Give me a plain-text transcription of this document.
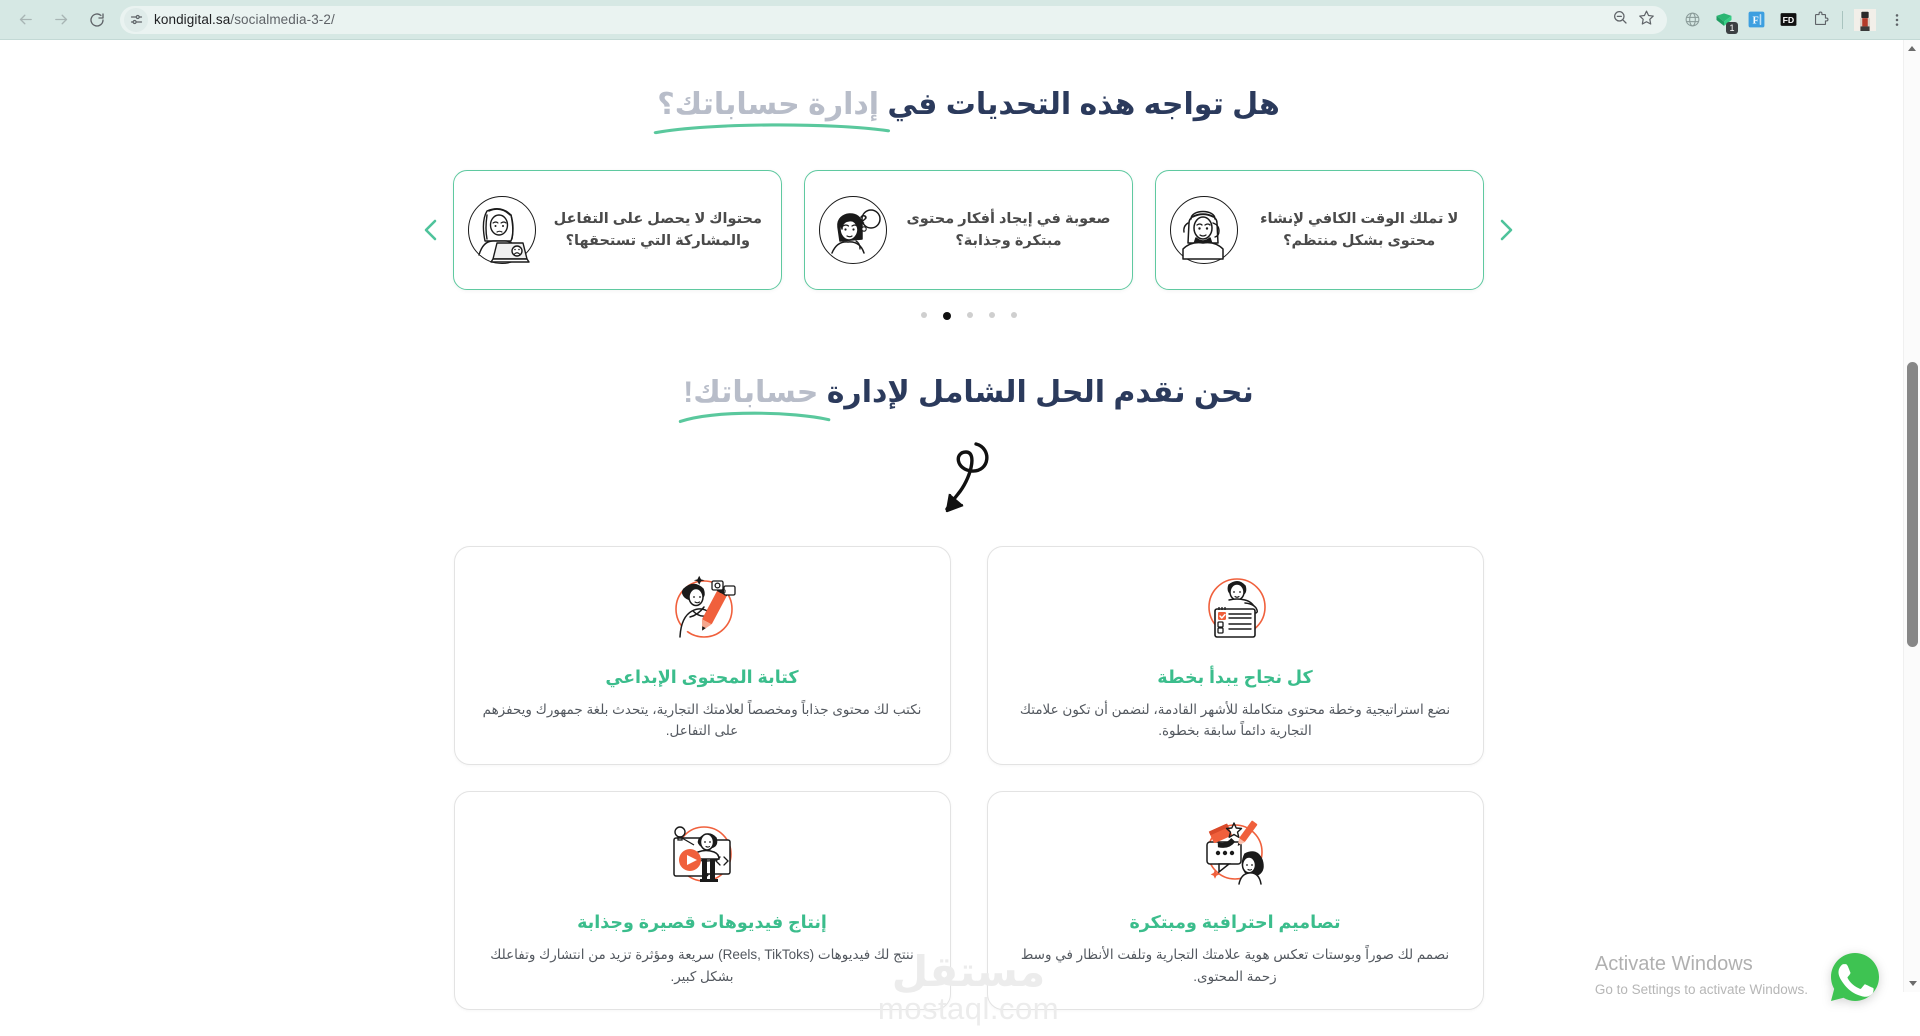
kondigital.sa/socialmedia-3-2/
1
F FD
هل تواجه هذه التحديات في إدارة حساباتك؟
لا تملك الوقت الكافي لإنشاء محتوى بشكل منتظم؟
صعوبة في إيجاد أفكار محتوى مبتكرة وجذابة؟
?
محتواك لا يحصل على التفاعل والمشاركة التي تستحقها؟
نحن نقدم الحل الشامل لإدارة حساباتك!
كل نجاح يبدأ بخطة
نضع استراتيجية وخطة محتوى متكاملة للأشهر القادمة، لنضمن أن تكون علامتك التجارية دائماً سابقة بخطوة.
ab
كتابة المحتوى الإبداعي
نكتب لك محتوى جذاباً ومخصصاً لعلامتك التجارية، يتحدث بلغة جمهورك ويحفزهم على التفاعل.
تصاميم احترافية ومبتكرة
نصمم لك صوراً وبوستات تعكس هوية علامتك التجارية وتلفت الأنظار في وسط زحمة المحتوى.
إنتاج فيديوهات قصيرة وجذابة
ننتج لك فيديوهات (Reels, TikToks) سريعة ومؤثرة تزيد من انتشارك وتفاعلك بشكل كبير.	مستقل
mostaql.com
Activate Windows
Go to Settings to activate Windows.
